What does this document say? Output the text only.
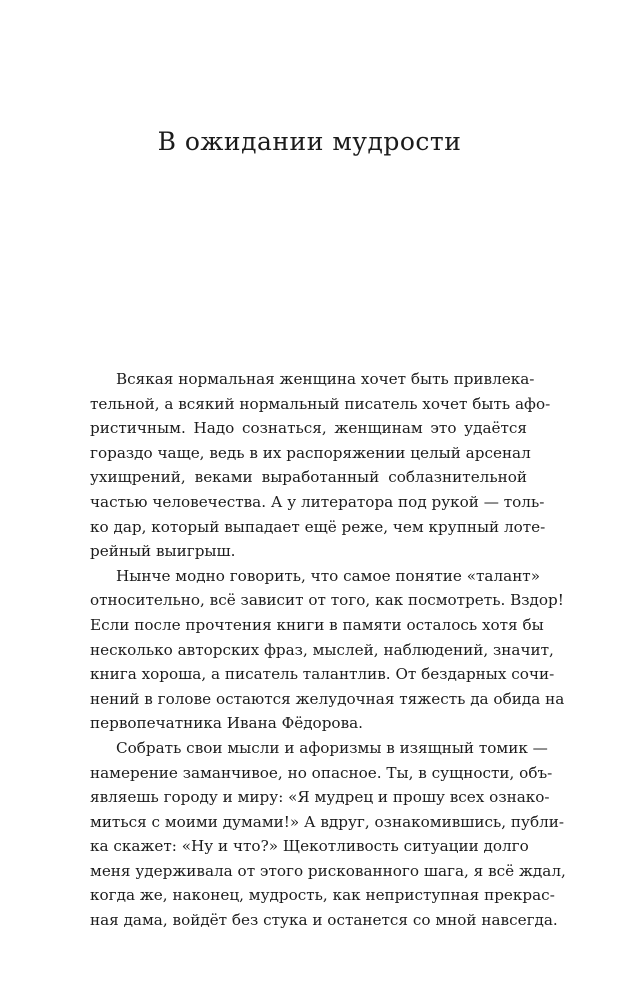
В ожидании мудрости

Всякая нормальная женщина хочет быть привлека-
тельной, а всякий нормальный писатель хочет быть афо-
ристичным. Надо сознаться, женщинам это удаётся
гораздо чаще, ведь в их распоряжении целый арсенал
ухищрений, веками выработанный соблазнительной
частью человечества. А у литератора под рукой — толь-
ко дар, который выпадает ещё реже, чем крупный лоте-
рейный выигрыш.

Нынче модно говорить, что самое понятие «талант»
относительно, всё зависит от того, как посмотреть. Вздор!
Если после прочтения книги в памяти осталось хотя бы
несколько авторских фраз, мыслей, наблюдений, значит,
книга хороша, а писатель талантлив. От бездарных сочи-
нений в голове остаются желудочная тяжесть да обида на
первопечатника Ивана Фёдорова.

Собрать свои мысли и афоризмы в изящный томик —
намерение заманчивое, но опасное. Ты, в сущности, объ-
являешь городу и миру: «Я мудрец и прошу всех ознако-
миться с моими думами!» А вдруг, ознакомившись, публи-
ка скажет: «Ну и что?» Щекотливость ситуации долго
меня удерживала от этого рискованного шага, я всё ждал,
когда же, наконец, мудрость, как неприступная прекрас-
ная дама, войдёт без стука и останется со мной навсегда.
